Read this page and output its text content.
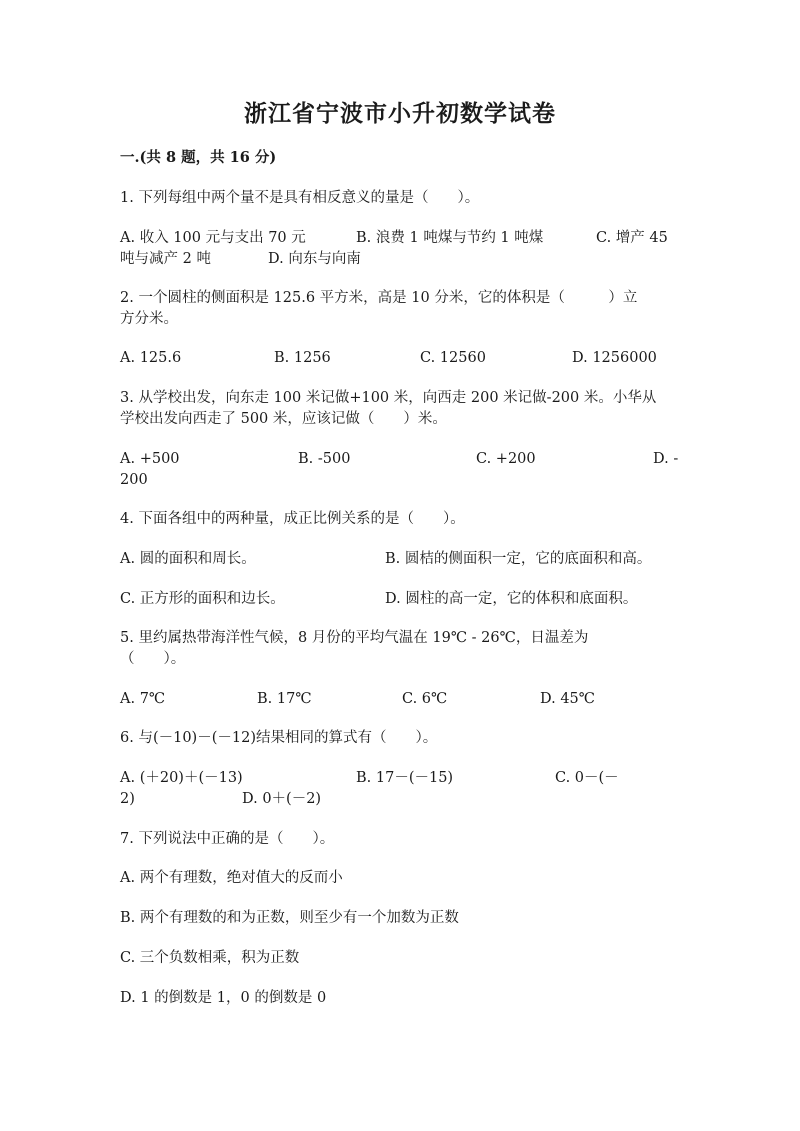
浙江省宁波市小升初数学试卷
一.(共 8 题，共 16 分)
1. 下列每组中两个量不是具有相反意义的量是（　　）。
A. 收入 100 元与支出 70 元	B. 浪费 1 吨煤与节约 1 吨煤	C. 增产 45
吨与减产 2 吨	D. 向东与向南
2. 一个圆柱的侧面积是 125.6 平方米，高是 10 分米，它的体积是（　　　）立
方分米。
A. 125.6	B. 1256	C. 12560	D. 1256000
3. 从学校出发，向东走 100 米记做+100 米，向西走 200 米记做-200 米。小华从
学校出发向西走了 500 米，应该记做（　　）米。
A. +500	B. -500	C. +200	D. -
200
4. 下面各组中的两种量，成正比例关系的是（　　）。
A. 圆的面积和周长。	B. 圆桔的侧面积一定，它的底面积和高。
C. 正方形的面积和边长。	D. 圆柱的高一定，它的体积和底面积。
5. 里约属热带海洋性气候，8 月份的平均气温在 19℃ - 26℃，日温差为
（　　）。
A. 7℃	B. 17℃	C. 6℃	D. 45℃
6. 与(－10)－(－12)结果相同的算式有（　　）。
A. (＋20)＋(－13)	B. 17－(－15)	C. 0－(－
2)	D. 0＋(－2)
7. 下列说法中正确的是（　　）。
A. 两个有理数，绝对值大的反而小
B. 两个有理数的和为正数，则至少有一个加数为正数
C. 三个负数相乘，积为正数
D. 1 的倒数是 1，0 的倒数是 0
